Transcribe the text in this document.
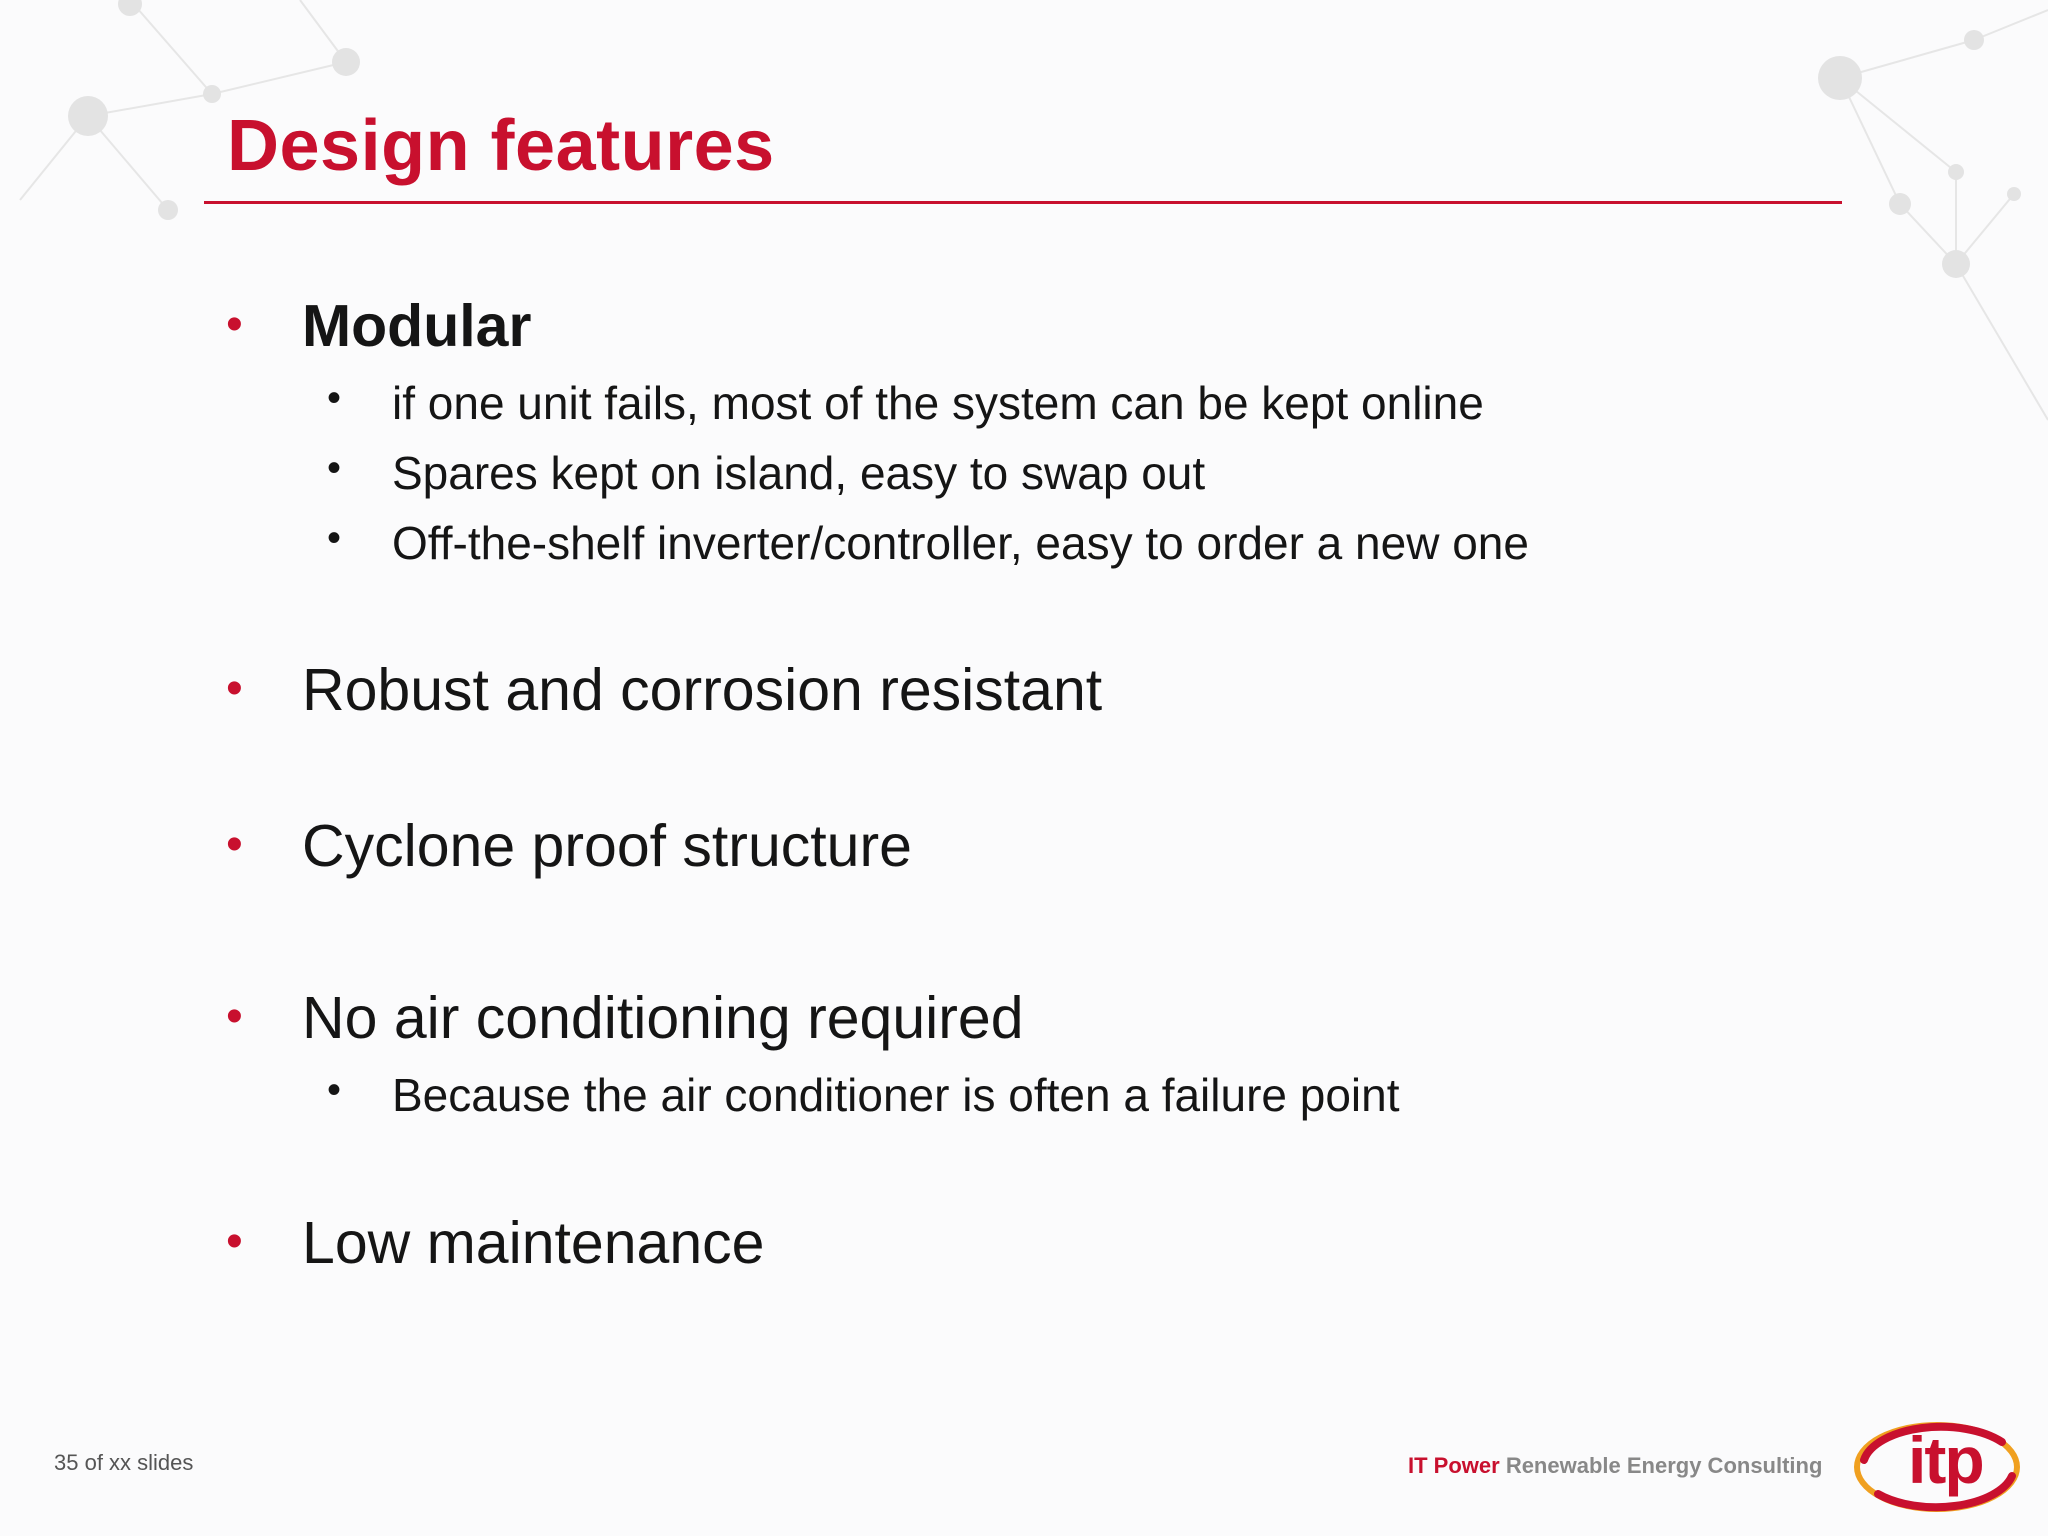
Design features
• Modular
• if one unit fails, most of the system can be kept online
• Spares kept on island, easy to swap out
• Off-the-shelf inverter/controller, easy to order a new one
• Robust and corrosion resistant
• Cyclone proof structure
• No air conditioning required
• Because the air conditioner is often a failure point
• Low maintenance
35 of xx slides	IT Power Renewable Energy Consulting itp
